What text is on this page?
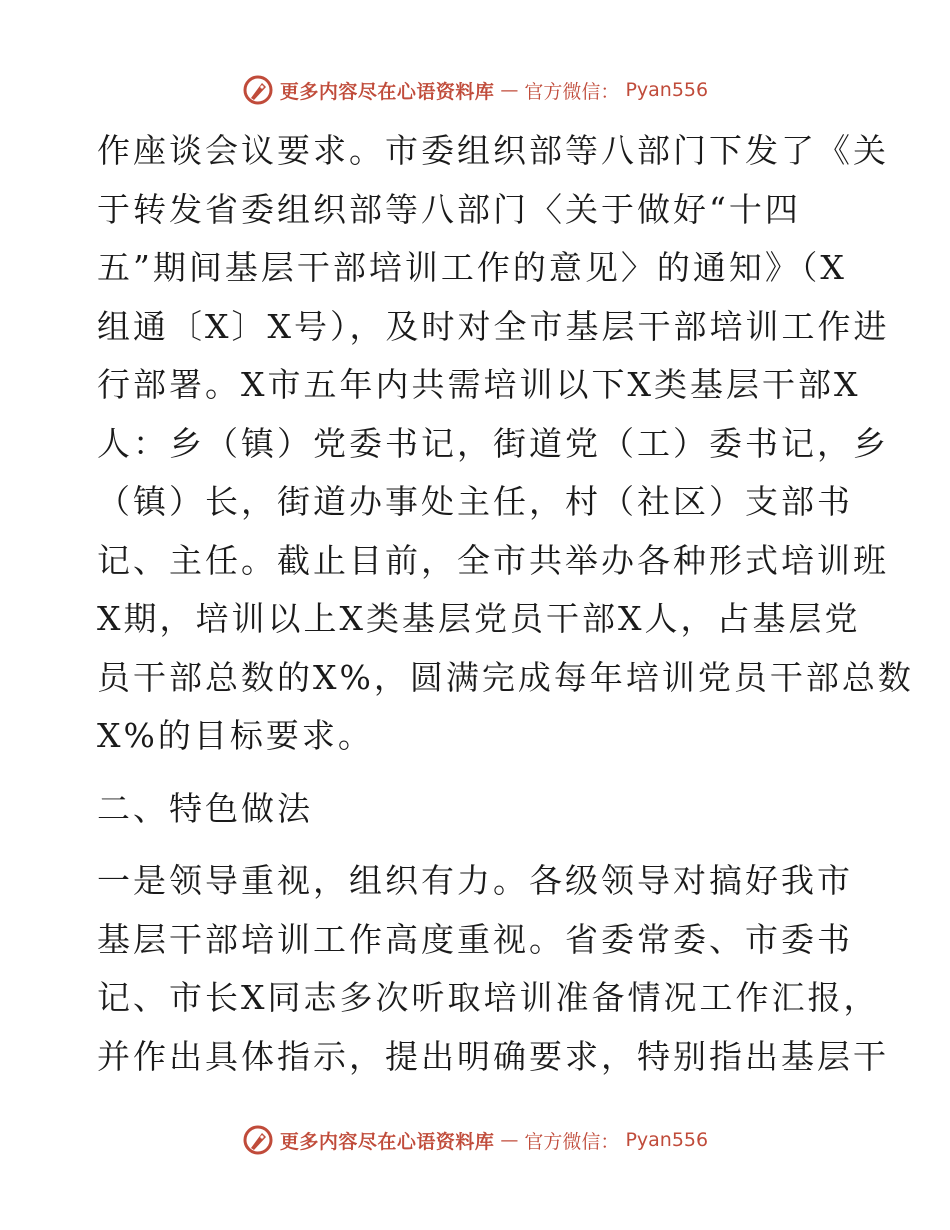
更多内容尽在心语资料库 — 官方微信： Pyan556
作座谈会议要求。市委组织部等八部门下发了《关
于转发省委组织部等八部门〈关于做好“十四
五”期间基层干部培训工作的意见〉的通知》（X
组通〔X〕X号），及时对全市基层干部培训工作进
行部署。X市五年内共需培训以下X类基层干部X
人：乡（镇）党委书记，街道党（工）委书记，乡
（镇）长，街道办事处主任，村（社区）支部书
记、主任。截止目前，全市共举办各种形式培训班
X期，培训以上X类基层党员干部X人，占基层党
员干部总数的X%，圆满完成每年培训党员干部总数
X%的目标要求。
二、特色做法
一是领导重视，组织有力。各级领导对搞好我市
基层干部培训工作高度重视。省委常委、市委书
记、市长X同志多次听取培训准备情况工作汇报，
并作出具体指示，提出明确要求，特别指出基层干
更多内容尽在心语资料库 — 官方微信： Pyan556
